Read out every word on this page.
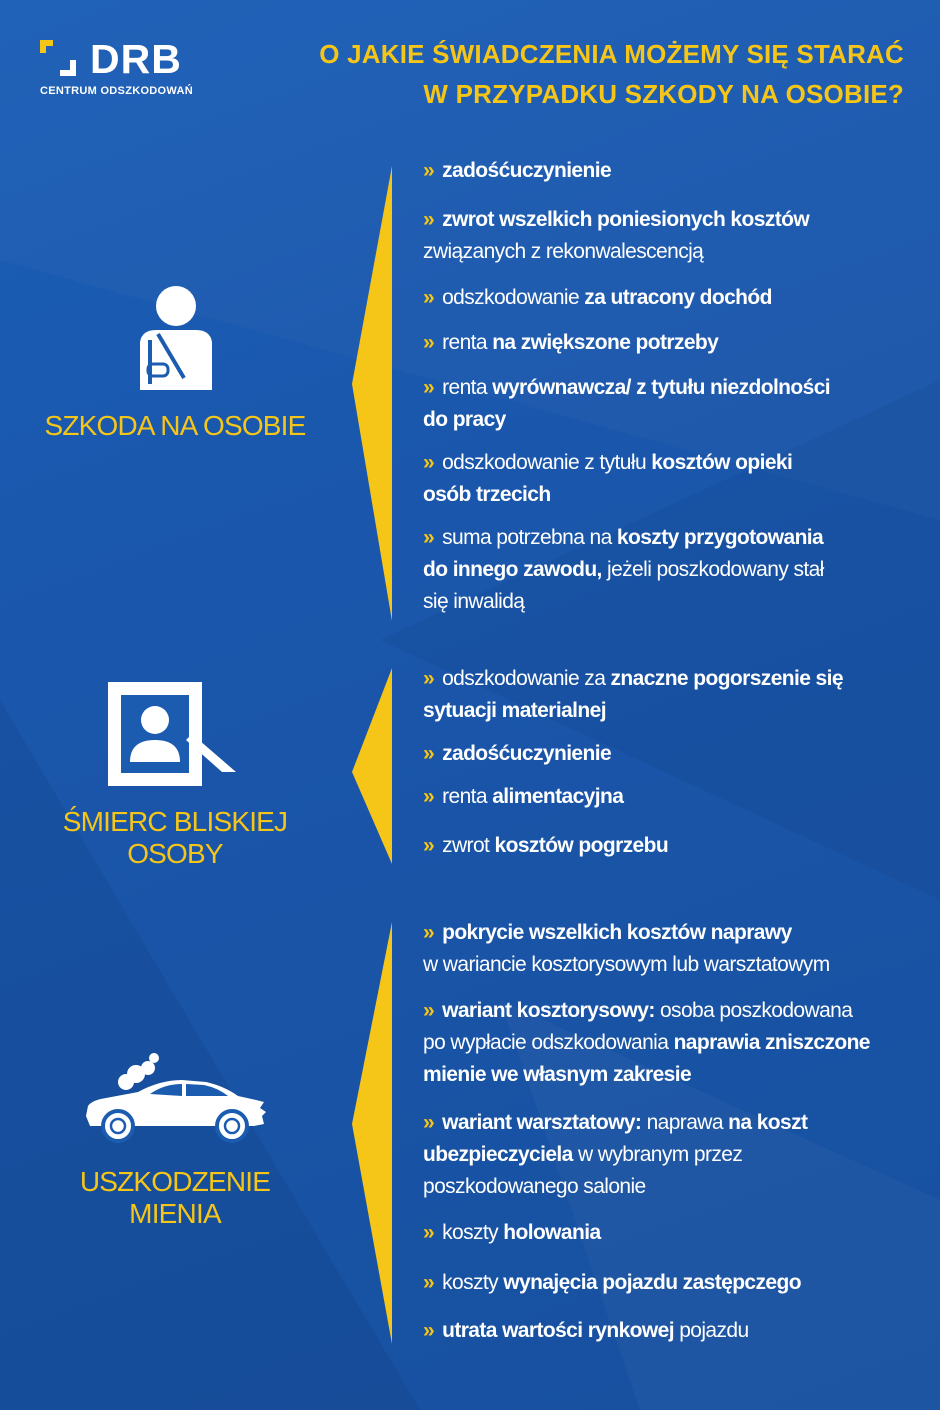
DRB
CENTRUM ODSZKODOWAŃ
O JAKIE ŚWIADCZENIA MOŻEMY SIĘ STARAĆ
W PRZYPADKU SZKODY NA OSOBIE?
SZKODA NA OSOBIE
» zadośćuczynienie
» zwrot wszelkich poniesionych kosztów
związanych z rekonwalescencją
» odszkodowanie za utracony dochód
» renta na zwiększone potrzeby
» renta wyrównawcza/ z tytułu niezdolności do pracy
» odszkodowanie z tytułu kosztów opieki osób trzecich
» suma potrzebna na koszty przygotowania do innego zawodu, jeżeli poszkodowany stał się inwalidą
ŚMIERC BLISKIEJ
OSOBY
» odszkodowanie za znaczne pogorszenie się sytuacji materialnej
» zadośćuczynienie
» renta alimentacyjna
» zwrot kosztów pogrzebu
USZKODZENIE
MIENIA
» pokrycie wszelkich kosztów naprawy
w wariancie kosztorysowym lub warsztatowym
» wariant kosztorysowy: osoba poszkodowana po wypłacie odszkodowania naprawia zniszczone mienie we własnym zakresie
» wariant warsztatowy: naprawa na koszt ubezpieczyciela w wybranym przez poszkodowanego salonie
» koszty holowania
» koszty wynajęcia pojazdu zastępczego
» utrata wartości rynkowej pojazdu
